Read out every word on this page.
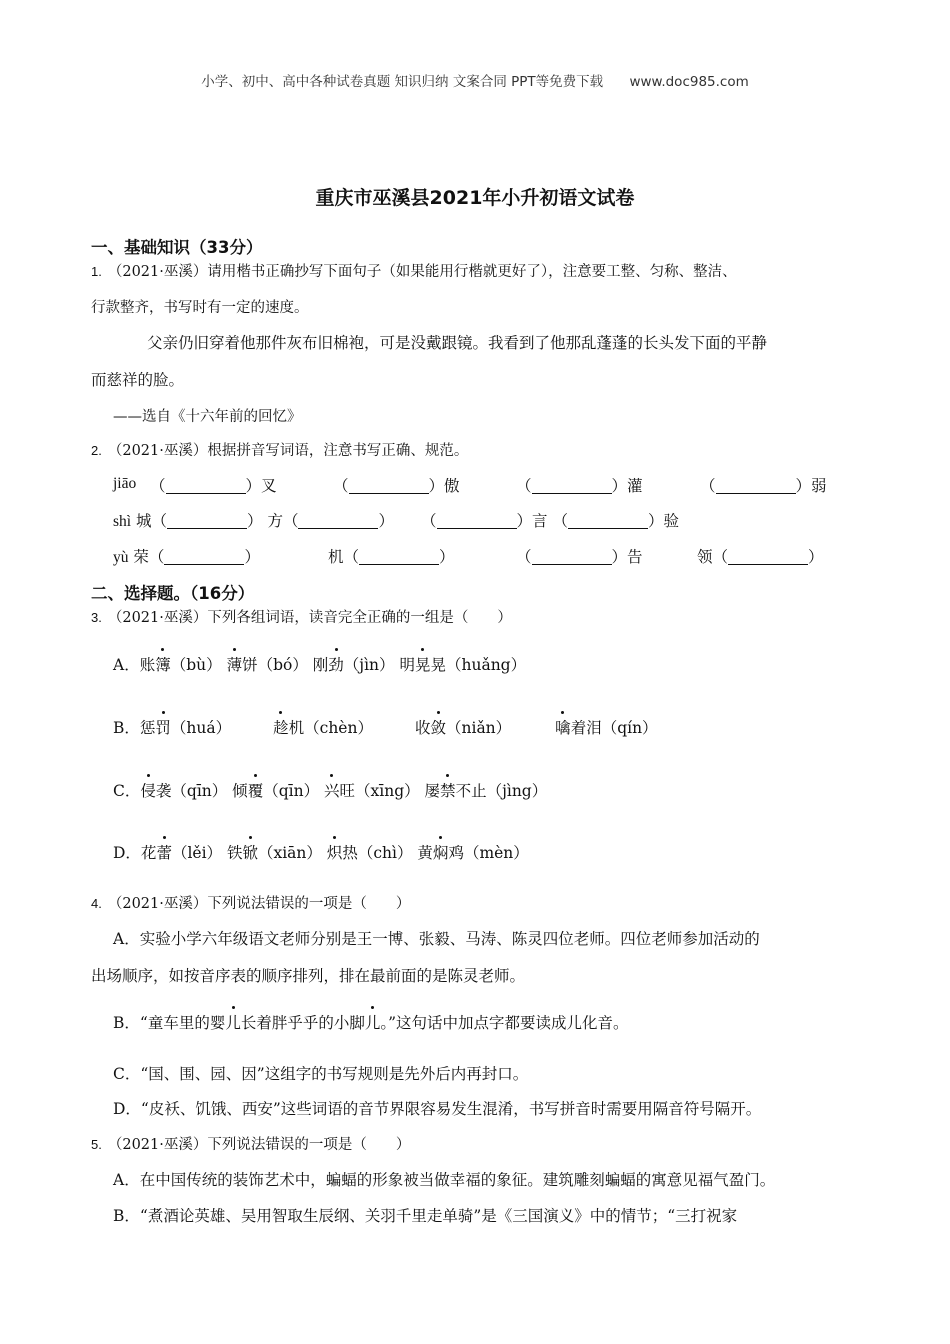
小学、初中、高中各种试卷真题 知识归纳 文案合同 PPT等免费下载 www.doc985.com
重庆市巫溪县2021年小升初语文试卷
一、基础知识（33分）
1. （2021·巫溪）请用楷书正确抄写下面句子（如果能用行楷就更好了），注意要工整、匀称、整洁、
行款整齐，书写时有一定的速度。
父亲仍旧穿着他那件灰布旧棉袍，可是没戴跟镜。我看到了他那乱蓬蓬的长头发下面的平静
而慈祥的脸。
——选自《十六年前的回忆》
2. （2021·巫溪）根据拼音写词语，注意书写正确、规范。
jiāo （	）叉	（	）傲	（	）灌	（	）弱
shì 城（	） 方（	） （	）言 （	）验
yù 荣（	）	机（	）	（	）告	领（	）
二、选择题。（16分）
3. （2021·巫溪）下列各组词语，读音完全正确的一组是（　　）
A．账簿（bù） 薄饼（bó） 刚劲（jìn） 明晃晃（huǎng）
B．惩罚（huá）	趁机（chèn）	收敛（niǎn）	噙着泪（qín）
C．侵袭（qīn） 倾覆（qīn） 兴旺（xīng） 屡禁不止（jìng）
D．花蕾（lěi） 铁锨（xiān） 炽热（chì） 黄焖鸡（mèn）
4. （2021·巫溪）下列说法错误的一项是（　　）
A．实验小学六年级语文老师分别是王一博、张毅、马涛、陈灵四位老师。四位老师参加活动的
出场顺序，如按音序表的顺序排列，排在最前面的是陈灵老师。
B．“童车里的婴儿长着胖乎乎的小脚儿。”这句话中加点字都要读成儿化音。
C．“国、围、园、因”这组字的书写规则是先外后内再封口。
D．“皮袄、饥饿、西安”这些词语的音节界限容易发生混淆，书写拼音时需要用隔音符号隔开。
5. （2021·巫溪）下列说法错误的一项是（　　）
A．在中国传统的装饰艺术中，蝙蝠的形象被当做幸福的象征。建筑雕刻蝙蝠的寓意见福气盈门。
B．“煮酒论英雄、吴用智取生辰纲、关羽千里走单骑”是《三国演义》中的情节；“三打祝家
